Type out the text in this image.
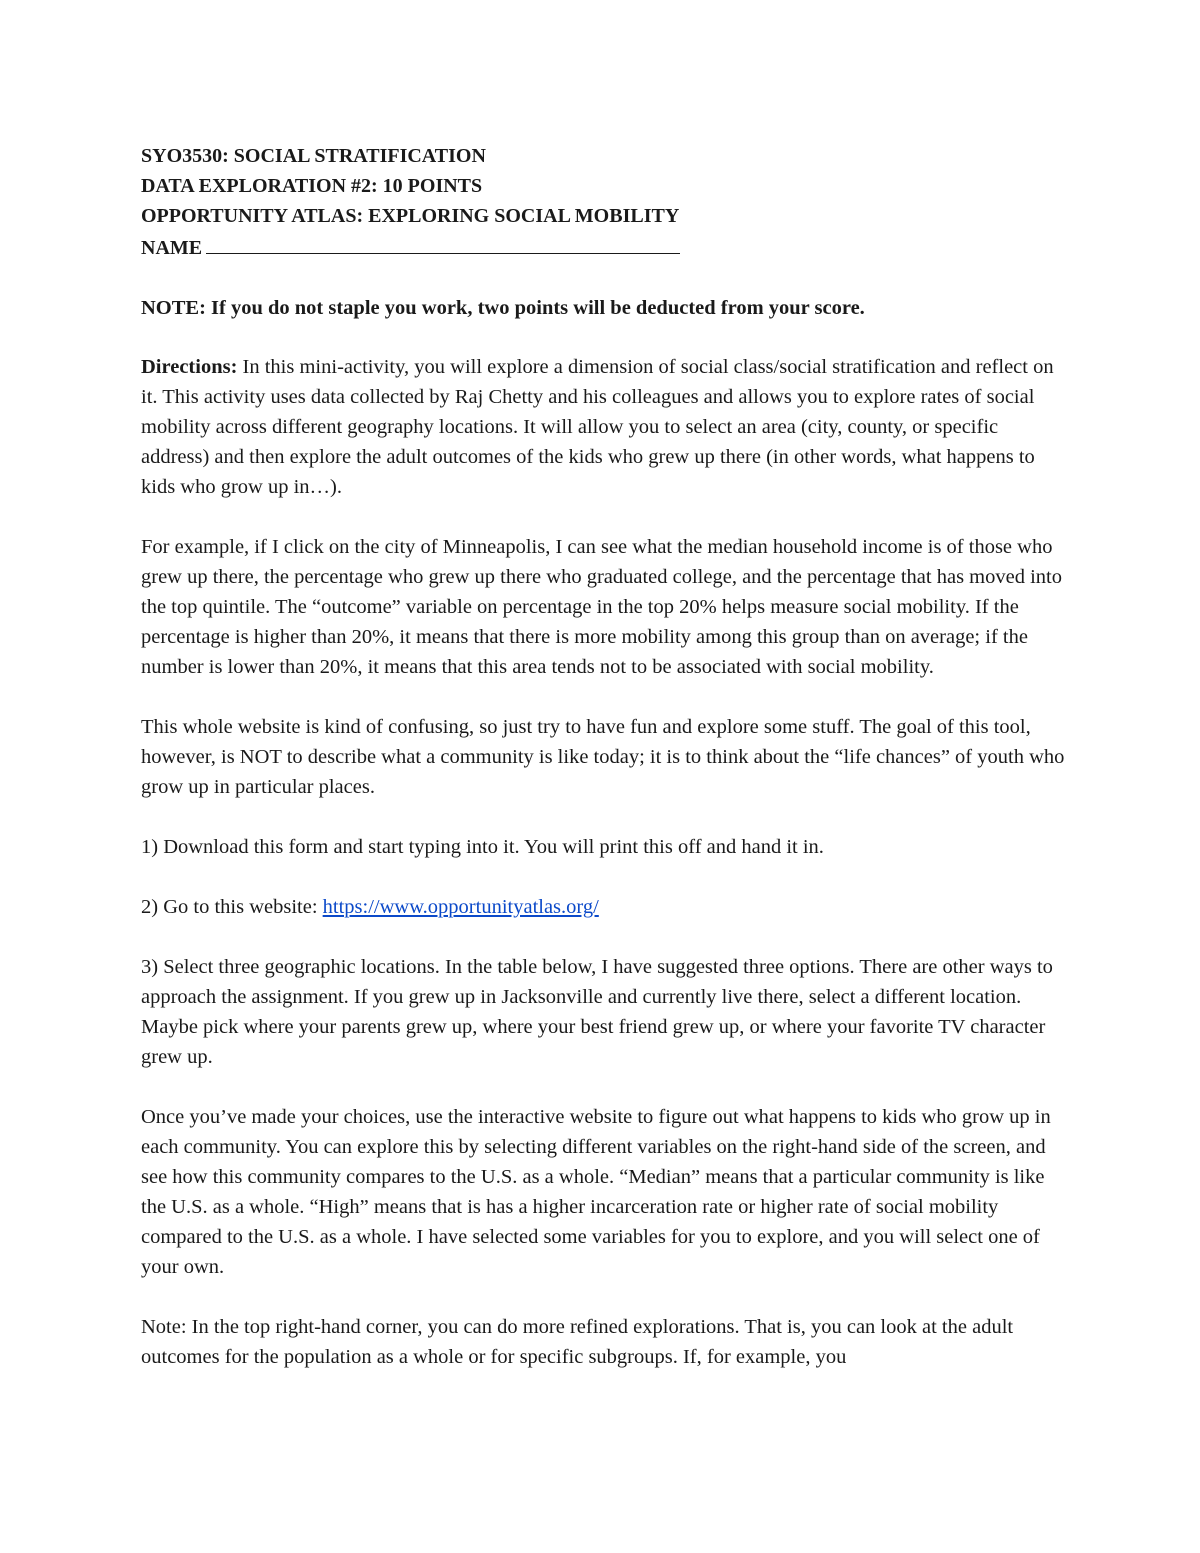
SYO3530: SOCIAL STRATIFICATION

DATA EXPLORATION #2: 10 POINTS

OPPORTUNITY ATLAS: EXPLORING SOCIAL MOBILITY

NAME

NOTE: If you do not staple you work, two points will be deducted from your score.

Directions: In this mini-activity, you will explore a dimension of social class/social stratification and reflect on it. This activity uses data collected by Raj Chetty and his colleagues and allows you to explore rates of social mobility across different geography locations. It will allow you to select an area (city, county, or specific address) and then explore the adult outcomes of the kids who grew up there (in other words, what happens to kids who grow up in…).

For example, if I click on the city of Minneapolis, I can see what the median household income is of those who grew up there, the percentage who grew up there who graduated college, and the percentage that has moved into the top quintile. The “outcome” variable on percentage in the top 20% helps measure social mobility. If the percentage is higher than 20%, it means that there is more mobility among this group than on average; if the number is lower than 20%, it means that this area tends not to be associated with social mobility.

This whole website is kind of confusing, so just try to have fun and explore some stuff. The goal of this tool, however, is NOT to describe what a community is like today; it is to think about the “life chances” of youth who grow up in particular places.

1) Download this form and start typing into it. You will print this off and hand it in.

2) Go to this website: https://www.opportunityatlas.org/

3) Select three geographic locations. In the table below, I have suggested three options. There are other ways to approach the assignment. If you grew up in Jacksonville and currently live there, select a different location. Maybe pick where your parents grew up, where your best friend grew up, or where your favorite TV character grew up.

Once you’ve made your choices, use the interactive website to figure out what happens to kids who grow up in each community. You can explore this by selecting different variables on the right-hand side of the screen, and see how this community compares to the U.S. as a whole. “Median” means that a particular community is like the U.S. as a whole. “High” means that is has a higher incarceration rate or higher rate of social mobility compared to the U.S. as a whole. I have selected some variables for you to explore, and you will select one of your own.

Note: In the top right-hand corner, you can do more refined explorations. That is, you can look at the adult outcomes for the population as a whole or for specific subgroups. If, for example, you
